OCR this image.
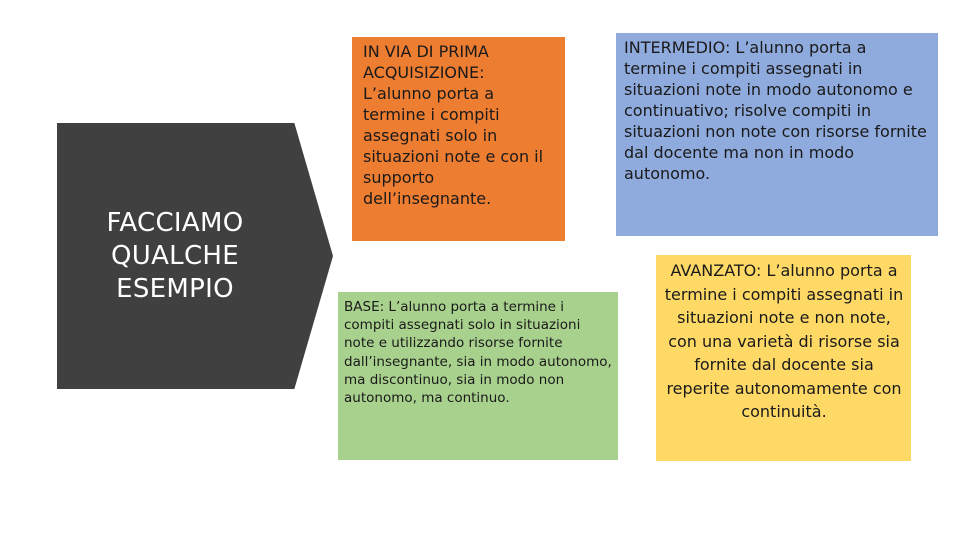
FACCIAMO
QUALCHE
ESEMPIO
IN VIA DI PRIMA ACQUISIZIONE: L’alunno porta a termine i compiti assegnati solo in situazioni note e con il supporto dell’insegnante.
INTERMEDIO: L’alunno porta a termine i compiti assegnati in situazioni note in modo autonomo e continuativo; risolve compiti in situazioni non note con risorse fornite dal docente ma non in modo autonomo.
BASE: L’alunno porta a termine i compiti assegnati solo in situazioni note e utilizzando risorse fornite dall’insegnante, sia in modo autonomo, ma discontinuo, sia in modo non autonomo, ma continuo.
AVANZATO: L’alunno porta a termine i compiti assegnati in situazioni note e non note, con una varietà di risorse sia fornite dal docente sia reperite autonomamente con continuità.
